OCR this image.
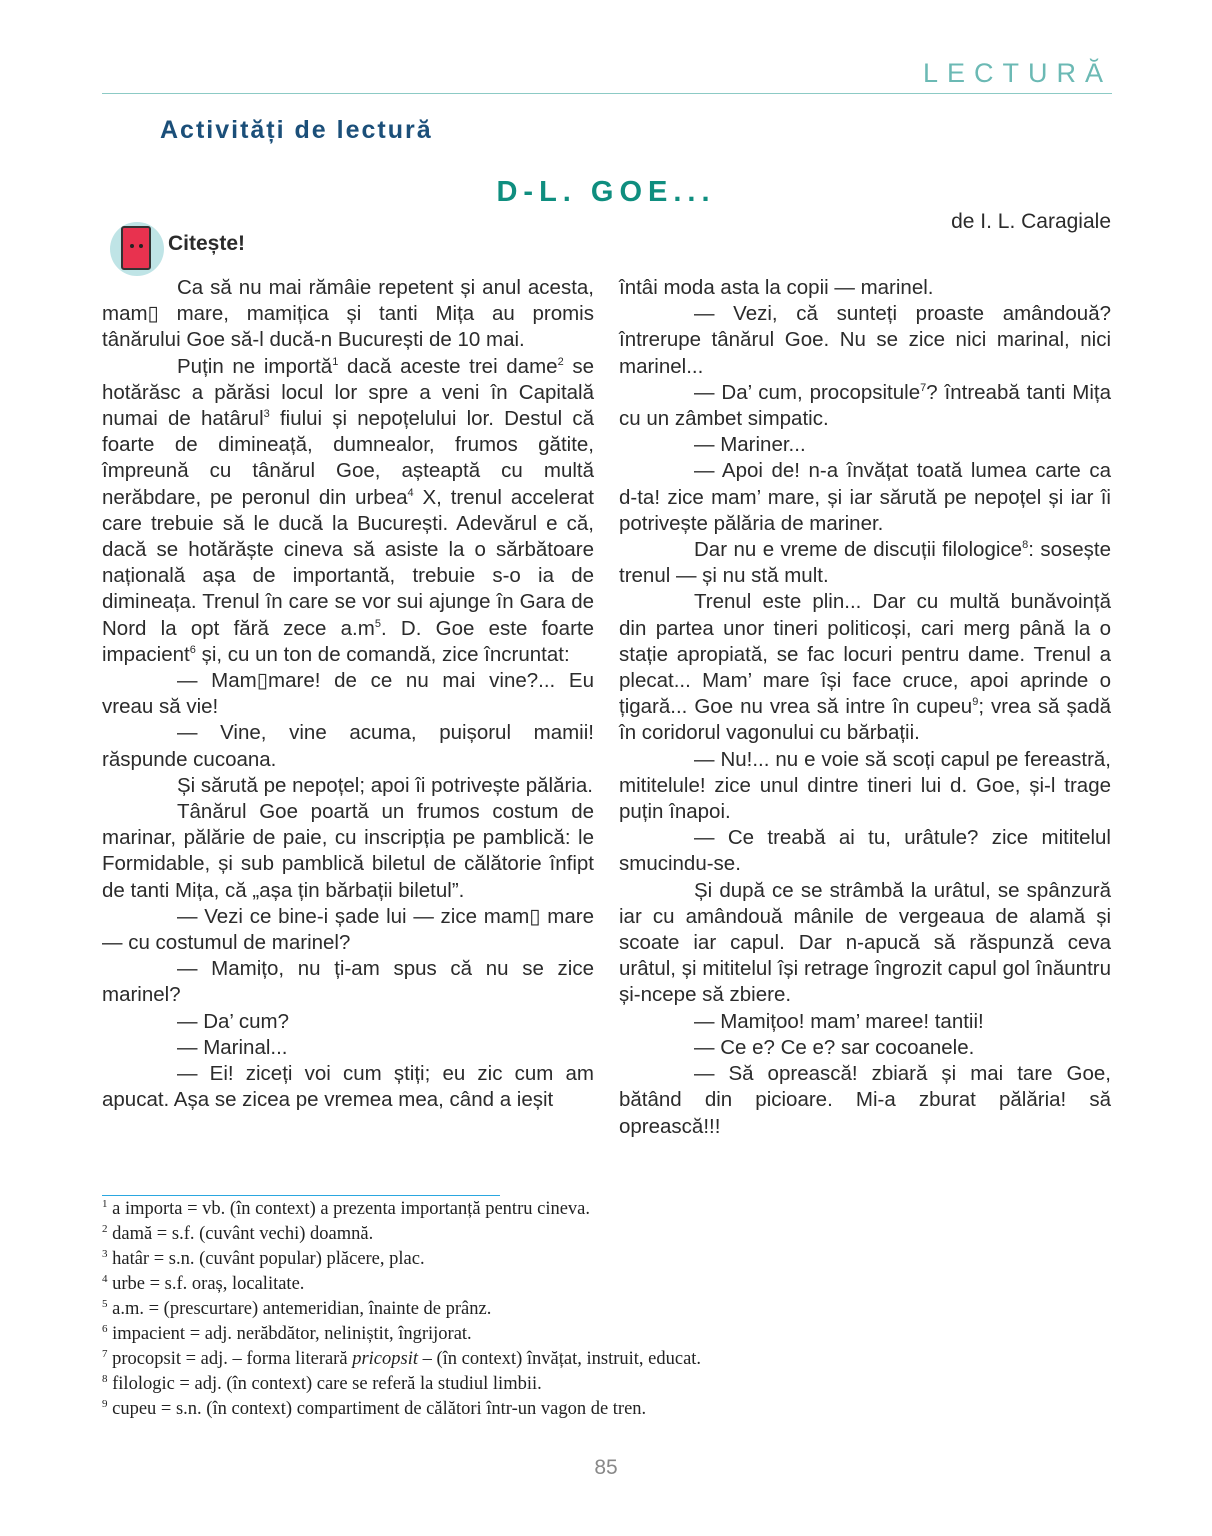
LECTURĂ
Activități de lectură
D-L. GOE...
de I. L. Caragiale
Citește!

Ca să nu mai rămâie repetent și anul acesta, mam▯ mare, mamițica și tanti Mița au promis tânărului Goe să-l ducă-n București de 10 mai.

Puțin ne importă$^1$ dacă aceste trei dame$^2$ se hotărăsc a părăsi locul lor spre a veni în Capitală numai de hatârul$^3$ fiului și nepoțelului lor. Destul că foarte de dimineață, dumnealor, frumos gătite, împreună cu tânărul Goe, așteaptă cu multă nerăbdare, pe peronul din urbea$^4$ X, trenul accelerat care trebuie să le ducă la București. Adevărul e că, dacă se hotărăște cineva să asiste la o sărbătoare națională așa de importantă, trebuie s-o ia de dimineața. Trenul în care se vor sui ajunge în Gara de Nord la opt fără zece $a.m^5$. D. Goe este foarte impacient$^6$ și, cu un ton de comandă, zice încruntat:

— Mam▯mare! de ce nu mai vine?... Eu vreau să vie!

— Vine, vine acuma, puișorul mamii! răspunde cucoana.

Și sărută pe nepoțel; apoi îi potrivește pălăria.

Tânărul Goe poartă un frumos costum de marinar, pălărie de paie, cu inscripția pe pamblică: le Formidable, și sub pamblică biletul de călătorie înfipt de tanti Mița, că „așa țin bărbații biletul”.

— Vezi ce bine-i șade lui — zice mam▯ mare — cu costumul de marinel?

— Mamițo, nu ți-am spus că nu se zice marinel?

— Da’ cum?

— Marinal...

— Ei! ziceți voi cum știți; eu zic cum am apucat. Așa se zicea pe vremea mea, când a ieșit

întâi moda asta la copii — marinel.

— Vezi, că sunteți proaste amândouă? întrerupe tânărul Goe. Nu se zice nici marinal, nici marinel...

— Da’ cum, procopsitule$^7$? întreabă tanti Mița cu un zâmbet simpatic.

— Mariner...

— Apoi de! n-a învățat toată lumea carte ca d-ta! zice mam’ mare, și iar sărută pe nepoțel și iar îi potrivește pălăria de mariner.

Dar nu e vreme de discuții filologice$^8$: sosește trenul — și nu stă mult.

Trenul este plin... Dar cu multă bunăvoință din partea unor tineri politicoși, cari merg până la o stație apropiată, se fac locuri pentru dame. Trenul a plecat... Mam’ mare își face cruce, apoi aprinde o țigară... Goe nu vrea să intre în cupeu$^9$; vrea să șadă în coridorul vagonului cu bărbații.

— Nu!... nu e voie să scoți capul pe fereastră, mititelule! zice unul dintre tineri lui d. Goe, și-l trage puțin înapoi.

— Ce treabă ai tu, urâtule? zice mititelul smucindu-se.

Și după ce se strâmbă la urâtul, se spânzură iar cu amândouă mânile de vergeaua de alamă și scoate iar capul. Dar n-apucă să răspunză ceva urâtul, și mititelul își retrage îngrozit capul gol înăuntru și-ncepe să zbiere.

— Mamițoo! mam’ maree! tantii!

— Ce e? Ce e? sar cocoanele.

— Să oprească! zbiară și mai tare Goe, bătând din picioare. Mi-a zburat pălăria! să oprească!!!

$^1$ a importa = vb. (în context) a prezenta importanță pentru cineva.
$^2$ damă = s.f. (cuvânt vechi) doamnă.
$^3$ hatâr = s.n. (cuvânt popular) plăcere, plac.
$^4$ urbe = s.f. oraș, localitate.
$^5$ a.m. = (prescurtare) antemeridian, înainte de prânz.
$^6$ impacient = adj. nerăbdător, neliniștit, îngrijorat.
$^7$ procopsit = adj. – forma literară pricopsit – (în context) învățat, instruit, educat.
$^8$ filologic = adj. (în context) care se referă la studiul limbii.
$^9$ cupeu = s.n. (în context) compartiment de călători într-un vagon de tren.
85
